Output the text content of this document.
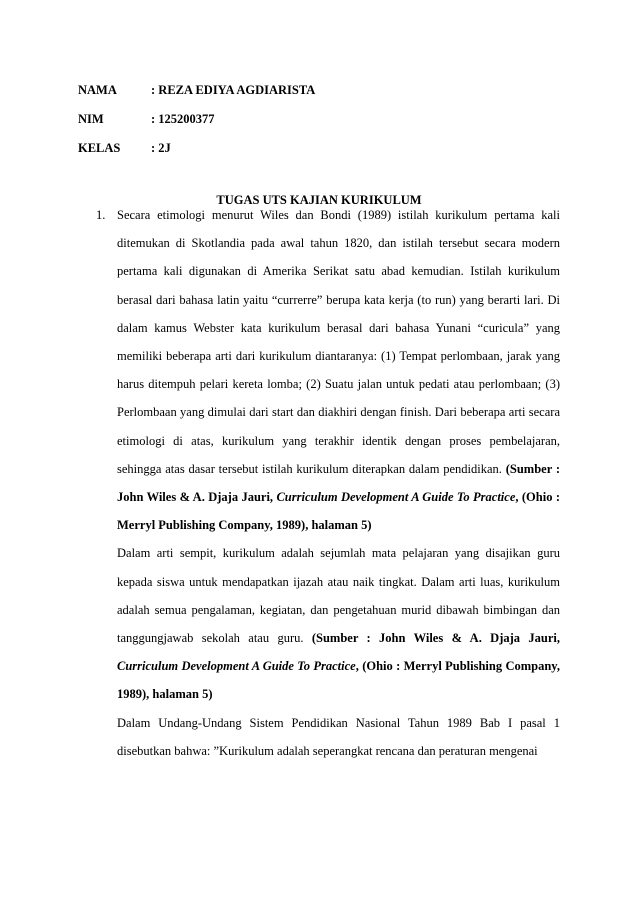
NAMA	: REZA EDIYA AGDIARISTA
NIM	: 125200377
KELAS : 2J
TUGAS UTS KAJIAN KURIKULUM
1. Secara etimologi menurut Wiles dan Bondi (1989) istilah kurikulum pertama kali ditemukan di Skotlandia pada awal tahun 1820, dan istilah tersebut secara modern pertama kali digunakan di Amerika Serikat satu abad kemudian. Istilah kurikulum berasal dari bahasa latin yaitu “currerre” berupa kata kerja (to run) yang berarti lari. Di dalam kamus Webster kata kurikulum berasal dari bahasa Yunani “curicula” yang memiliki beberapa arti dari kurikulum diantaranya: (1) Tempat perlombaan, jarak yang harus ditempuh pelari kereta lomba; (2) Suatu jalan untuk pedati atau perlombaan; (3) Perlombaan yang dimulai dari start dan diakhiri dengan finish. Dari beberapa arti secara etimologi di atas, kurikulum yang terakhir identik dengan proses pembelajaran, sehingga atas dasar tersebut istilah kurikulum diterapkan dalam pendidikan. (Sumber : John Wiles & A. Djaja Jauri, Curriculum Development A Guide To Practice, (Ohio : Merryl Publishing Company, 1989), halaman 5)

Dalam arti sempit, kurikulum adalah sejumlah mata pelajaran yang disajikan guru kepada siswa untuk mendapatkan ijazah atau naik tingkat. Dalam arti luas, kurikulum adalah semua pengalaman, kegiatan, dan pengetahuan murid dibawah bimbingan dan tanggungjawab sekolah atau guru. (Sumber : John Wiles & A. Djaja Jauri, Curriculum Development A Guide To Practice, (Ohio : Merryl Publishing Company, 1989), halaman 5)

Dalam Undang-Undang Sistem Pendidikan Nasional Tahun 1989 Bab I pasal 1 disebutkan bahwa: ”Kurikulum adalah seperangkat rencana dan peraturan mengenai
